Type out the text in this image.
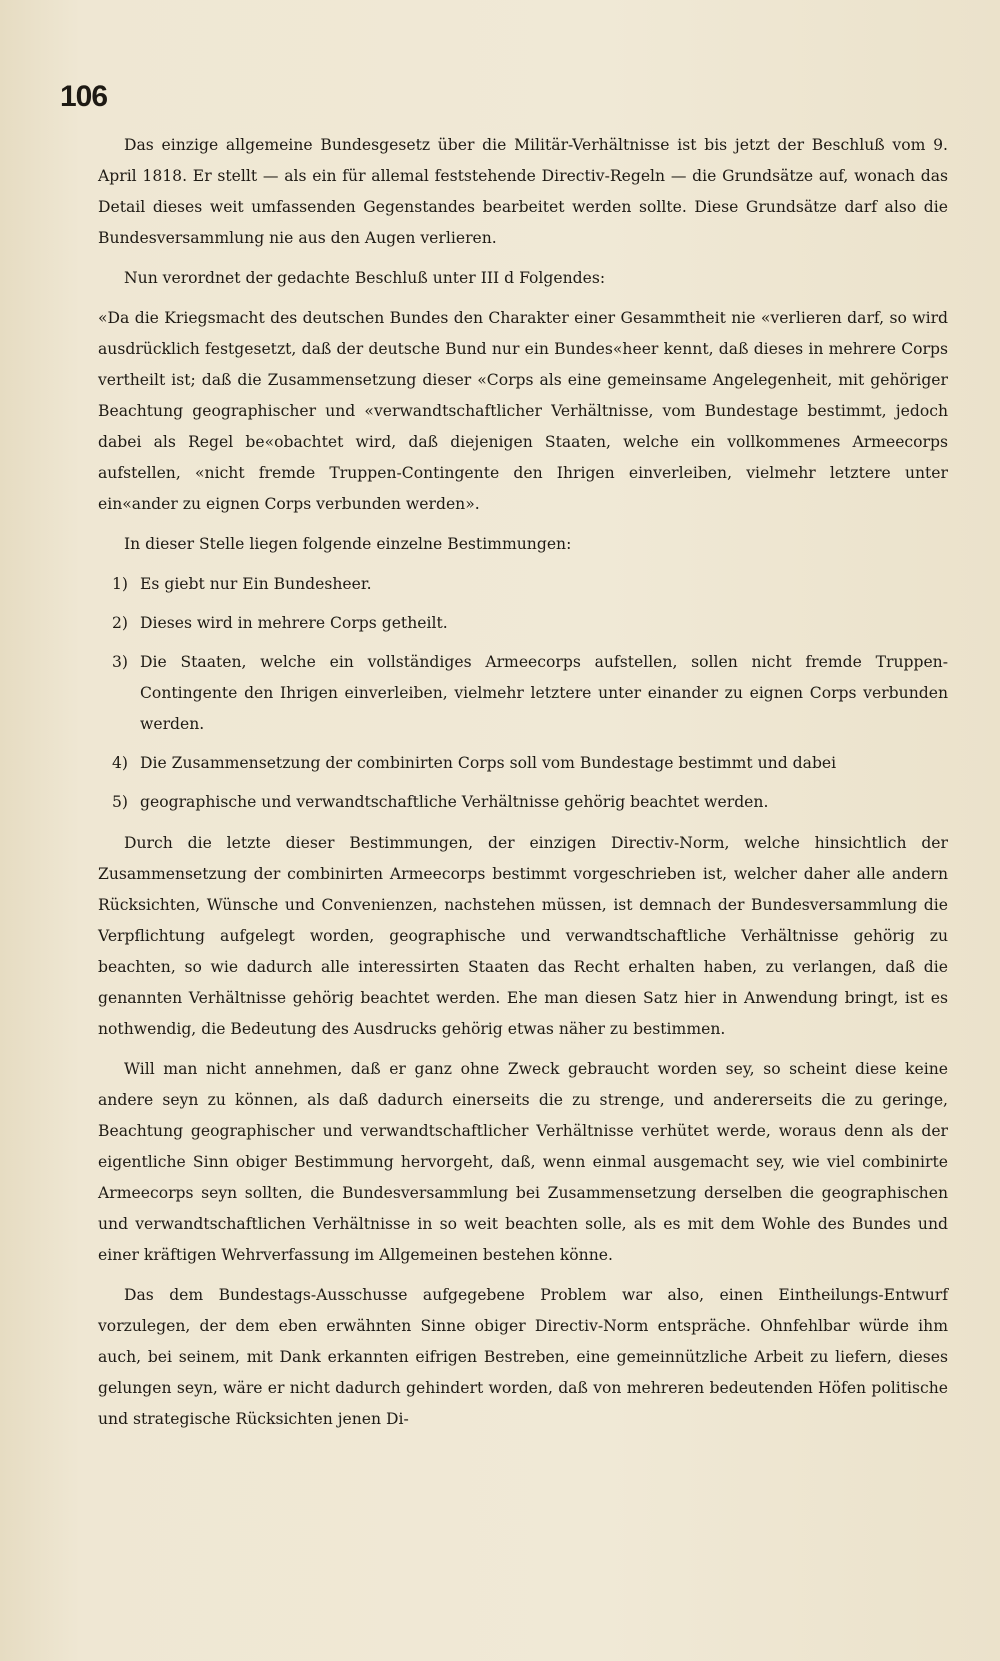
106

Das einzige allgemeine Bundesgesetz über die Militär-Verhältnisse ist bis jetzt der Beschluß vom 9. April 1818. Er stellt — als ein für allemal feststehende Directiv-Regeln — die Grundsätze auf, wonach das Detail dieses weit umfassenden Gegenstandes bearbeitet werden sollte. Diese Grundsätze darf also die Bundesversammlung nie aus den Augen verlieren.

Nun verordnet der gedachte Beschluß unter III d Folgendes:

«Da die Kriegsmacht des deutschen Bundes den Charakter einer Gesammtheit nie «verlieren darf, so wird ausdrücklich festgesetzt, daß der deutsche Bund nur ein Bundes«heer kennt, daß dieses in mehrere Corps vertheilt ist; daß die Zusammensetzung dieser «Corps als eine gemeinsame Angelegenheit, mit gehöriger Beachtung geographischer und «verwandtschaftlicher Verhältnisse, vom Bundestage bestimmt, jedoch dabei als Regel be«obachtet wird, daß diejenigen Staaten, welche ein vollkommenes Armeecorps aufstellen, «nicht fremde Truppen-Contingente den Ihrigen einverleiben, vielmehr letztere unter ein«ander zu eignen Corps verbunden werden».

In dieser Stelle liegen folgende einzelne Bestimmungen:

1) Es giebt nur Ein Bundesheer.
2) Dieses wird in mehrere Corps getheilt.
3) Die Staaten, welche ein vollständiges Armeecorps aufstellen, sollen nicht fremde Truppen-Contingente den Ihrigen einverleiben, vielmehr letztere unter einander zu eignen Corps verbunden werden.
4) Die Zusammensetzung der combinirten Corps soll vom Bundestage bestimmt und dabei
5) geographische und verwandtschaftliche Verhältnisse gehörig beachtet werden.

Durch die letzte dieser Bestimmungen, der einzigen Directiv-Norm, welche hinsichtlich der Zusammensetzung der combinirten Armeecorps bestimmt vorgeschrieben ist, welcher daher alle andern Rücksichten, Wünsche und Convenienzen, nachstehen müssen, ist demnach der Bundesversammlung die Verpflichtung aufgelegt worden, geographische und verwandtschaftliche Verhältnisse gehörig zu beachten, so wie dadurch alle interessirten Staaten das Recht erhalten haben, zu verlangen, daß die genannten Verhältnisse gehörig beachtet werden. Ehe man diesen Satz hier in Anwendung bringt, ist es nothwendig, die Bedeutung des Ausdrucks gehörig etwas näher zu bestimmen.

Will man nicht annehmen, daß er ganz ohne Zweck gebraucht worden sey, so scheint diese keine andere seyn zu können, als daß dadurch einerseits die zu strenge, und andererseits die zu geringe, Beachtung geographischer und verwandtschaftlicher Verhältnisse verhütet werde, woraus denn als der eigentliche Sinn obiger Bestimmung hervorgeht, daß, wenn einmal ausgemacht sey, wie viel combinirte Armeecorps seyn sollten, die Bundesversammlung bei Zusammensetzung derselben die geographischen und verwandtschaftlichen Verhältnisse in so weit beachten solle, als es mit dem Wohle des Bundes und einer kräftigen Wehrverfassung im Allgemeinen bestehen könne.

Das dem Bundestags-Ausschusse aufgegebene Problem war also, einen Eintheilungs-Entwurf vorzulegen, der dem eben erwähnten Sinne obiger Directiv-Norm entspräche. Ohnfehlbar würde ihm auch, bei seinem, mit Dank erkannten eifrigen Bestreben, eine gemeinnützliche Arbeit zu liefern, dieses gelungen seyn, wäre er nicht dadurch gehindert worden, daß von mehreren bedeutenden Höfen politische und strategische Rücksichten jenen Di-
